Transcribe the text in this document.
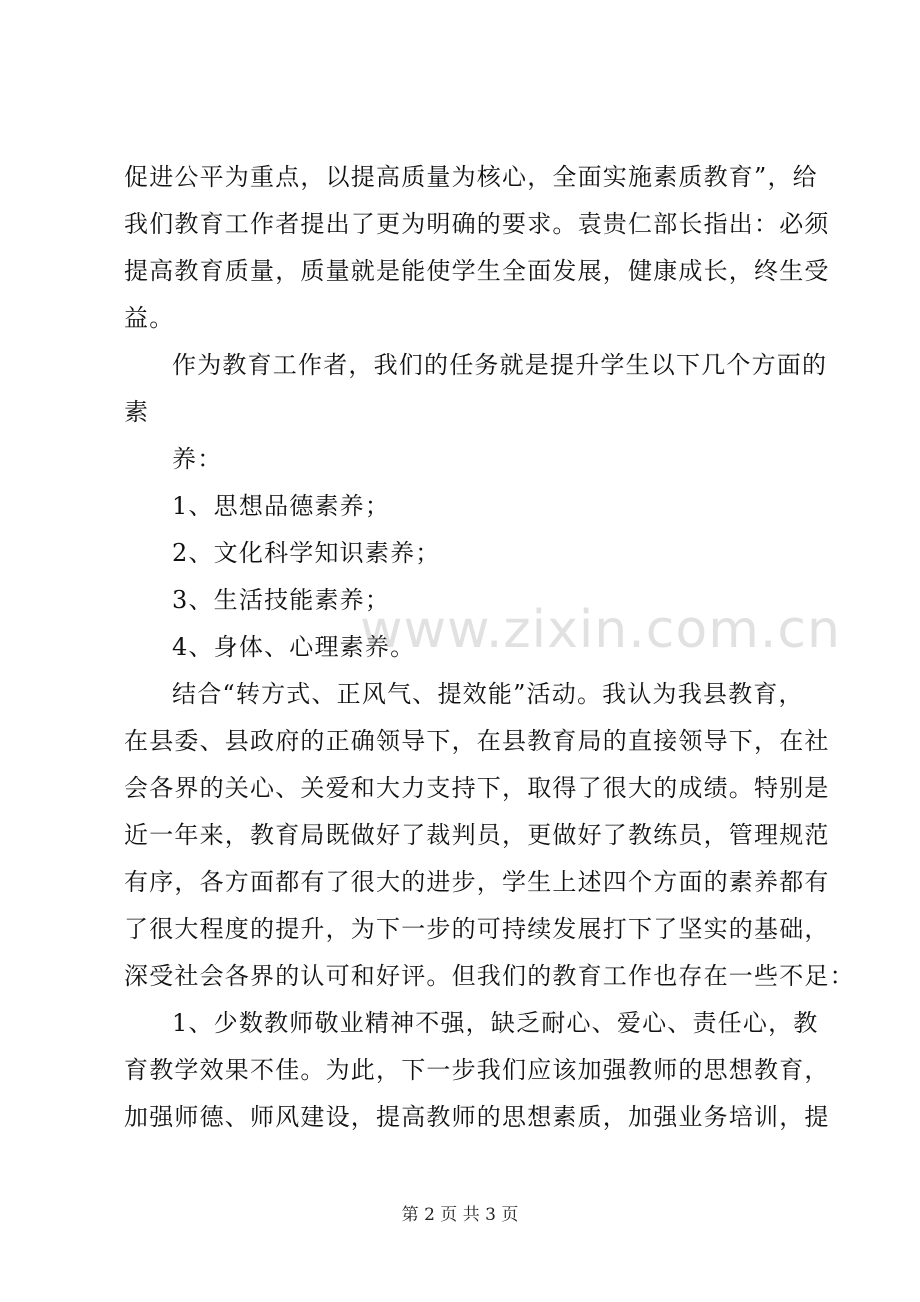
促进公平为重点，以提高质量为核心，全面实施素质教育”，给
我们教育工作者提出了更为明确的要求。袁贵仁部长指出：必须
提高教育质量，质量就是能使学生全面发展，健康成长，终生受
益。
作为教育工作者，我们的任务就是提升学生以下几个方面的
素
养：
1、思想品德素养；
2、文化科学知识素养；
3、生活技能素养；
4、身体、心理素养。
结合“转方式、正风气、提效能”活动。我认为我县教育，
在县委、县政府的正确领导下，在县教育局的直接领导下，在社
会各界的关心、关爱和大力支持下，取得了很大的成绩。特别是
近一年来，教育局既做好了裁判员，更做好了教练员，管理规范
有序，各方面都有了很大的进步，学生上述四个方面的素养都有
了很大程度的提升，为下一步的可持续发展打下了坚实的基础，
深受社会各界的认可和好评。但我们的教育工作也存在一些不足：
1、少数教师敬业精神不强，缺乏耐心、爱心、责任心，教
育教学效果不佳。为此，下一步我们应该加强教师的思想教育，
加强师德、师风建设，提高教师的思想素质，加强业务培训，提
www.zixin.com.cn
第 2 页 共 3 页
